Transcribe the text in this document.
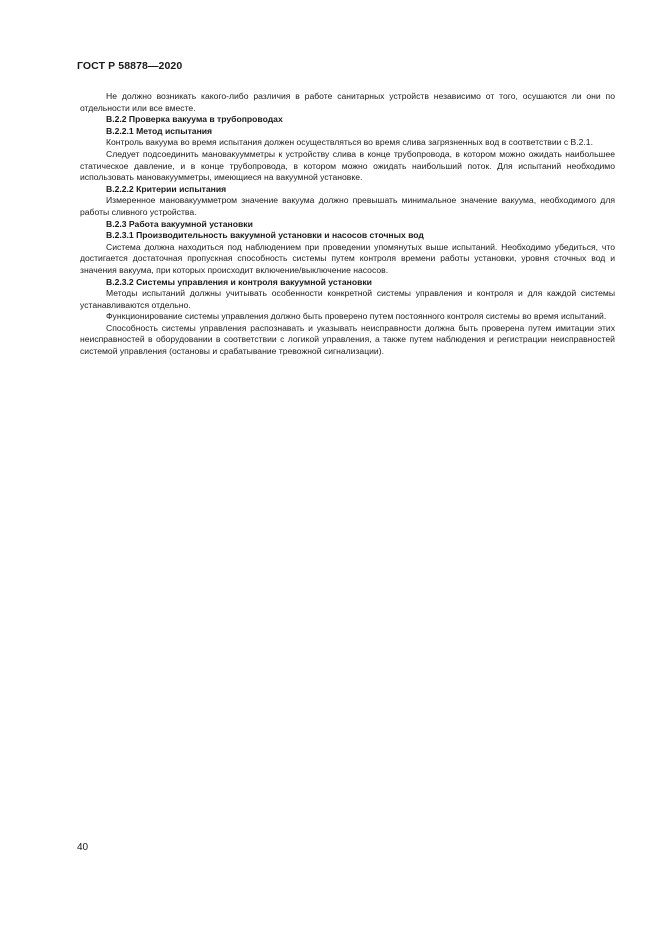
ГОСТ Р 58878—2020

Не должно возникать какого-либо различия в работе санитарных устройств независимо от того, осушаются ли они по отдельности или все вместе.

В.2.2 Проверка вакуума в трубопроводах

В.2.2.1 Метод испытания

Контроль вакуума во время испытания должен осуществляться во время слива загрязненных вод в соответствии с В.2.1.

Следует подсоединить мановакуумметры к устройству слива в конце трубопровода, в котором можно ожидать наибольшее статическое давление, и в конце трубопровода, в котором можно ожидать наибольший поток. Для испытаний необходимо использовать мановакуумметры, имеющиеся на вакуумной установке.

В.2.2.2 Критерии испытания

Измеренное мановакуумметром значение вакуума должно превышать минимальное значение вакуума, необходимого для работы сливного устройства.

В.2.3 Работа вакуумной установки

В.2.3.1 Производительность вакуумной установки и насосов сточных вод

Система должна находиться под наблюдением при проведении упомянутых выше испытаний. Необходимо убедиться, что достигается достаточная пропускная способность системы путем контроля времени работы установки, уровня сточных вод и значения вакуума, при которых происходит включение/выключение насосов.

В.2.3.2 Системы управления и контроля вакуумной установки

Методы испытаний должны учитывать особенности конкретной системы управления и контроля и для каждой системы устанавливаются отдельно.

Функционирование системы управления должно быть проверено путем постоянного контроля системы во время испытаний.

Способность системы управления распознавать и указывать неисправности должна быть проверена путем имитации этих неисправностей в оборудовании в соответствии с логикой управления, а также путем наблюдения и регистрации неисправностей системой управления (остановы и срабатывание тревожной сигнализации).

40
